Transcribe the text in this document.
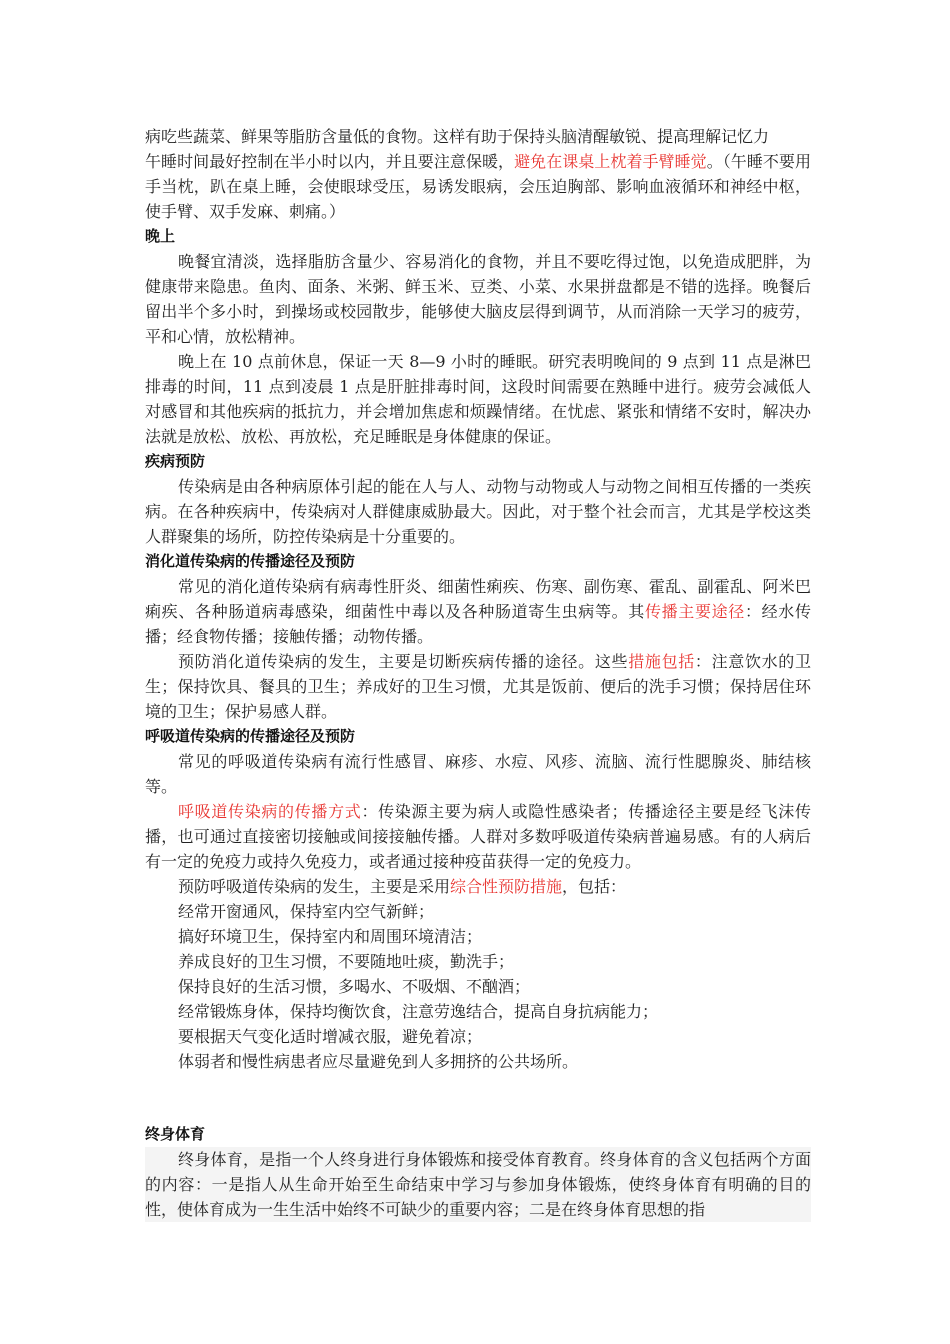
病吃些蔬菜、鲜果等脂肪含量低的食物。这样有助于保持头脑清醒敏锐、提高理解记忆力

午睡时间最好控制在半小时以内，并且要注意保暖，避免在课桌上枕着手臂睡觉。（午睡不要用手当枕，趴在桌上睡，会使眼球受压，易诱发眼病，会压迫胸部、影响血液循环和神经中枢，使手臂、双手发麻、刺痛。）

晚上

晚餐宜清淡，选择脂肪含量少、容易消化的食物，并且不要吃得过饱，以免造成肥胖，为健康带来隐患。鱼肉、面条、米粥、鲜玉米、豆类、小菜、水果拼盘都是不错的选择。晚餐后留出半个多小时，到操场或校园散步，能够使大脑皮层得到调节，从而消除一天学习的疲劳，平和心情，放松精神。

晚上在 10 点前休息，保证一天 8—9 小时的睡眠。研究表明晚间的 9 点到 11 点是淋巴排毒的时间，11 点到凌晨 1 点是肝脏排毒时间，这段时间需要在熟睡中进行。疲劳会减低人对感冒和其他疾病的抵抗力，并会增加焦虑和烦躁情绪。在忧虑、紧张和情绪不安时，解决办法就是放松、放松、再放松，充足睡眠是身体健康的保证。

疾病预防

传染病是由各种病原体引起的能在人与人、动物与动物或人与动物之间相互传播的一类疾病。在各种疾病中，传染病对人群健康威胁最大。因此，对于整个社会而言，尤其是学校这类人群聚集的场所，防控传染病是十分重要的。

消化道传染病的传播途径及预防

常见的消化道传染病有病毒性肝炎、细菌性痢疾、伤寒、副伤寒、霍乱、副霍乱、阿米巴痢疾、各种肠道病毒感染，细菌性中毒以及各种肠道寄生虫病等。其传播主要途径：经水传播；经食物传播；接触传播；动物传播。

预防消化道传染病的发生，主要是切断疾病传播的途径。这些措施包括：注意饮水的卫生；保持饮具、餐具的卫生；养成好的卫生习惯，尤其是饭前、便后的洗手习惯；保持居住环境的卫生；保护易感人群。

呼吸道传染病的传播途径及预防

常见的呼吸道传染病有流行性感冒、麻疹、水痘、风疹、流脑、流行性腮腺炎、肺结核等。

呼吸道传染病的传播方式：传染源主要为病人或隐性感染者；传播途径主要是经飞沫传播，也可通过直接密切接触或间接接触传播。人群对多数呼吸道传染病普遍易感。有的人病后有一定的免疫力或持久免疫力，或者通过接种疫苗获得一定的免疫力。

预防呼吸道传染病的发生，主要是采用综合性预防措施，包括：

经常开窗通风，保持室内空气新鲜；

搞好环境卫生，保持室内和周围环境清洁；

养成良好的卫生习惯，不要随地吐痰，勤洗手；

保持良好的生活习惯，多喝水、不吸烟、不酗酒；

经常锻炼身体，保持均衡饮食，注意劳逸结合，提高自身抗病能力；

要根据天气变化适时增减衣服，避免着凉；

体弱者和慢性病患者应尽量避免到人多拥挤的公共场所。

终身体育

终身体育，是指一个人终身进行身体锻炼和接受体育教育。终身体育的含义包括两个方面的内容：一是指人从生命开始至生命结束中学习与参加身体锻炼，使终身体育有明确的目的性，使体育成为一生生活中始终不可缺少的重要内容；二是在终身体育思想的指
